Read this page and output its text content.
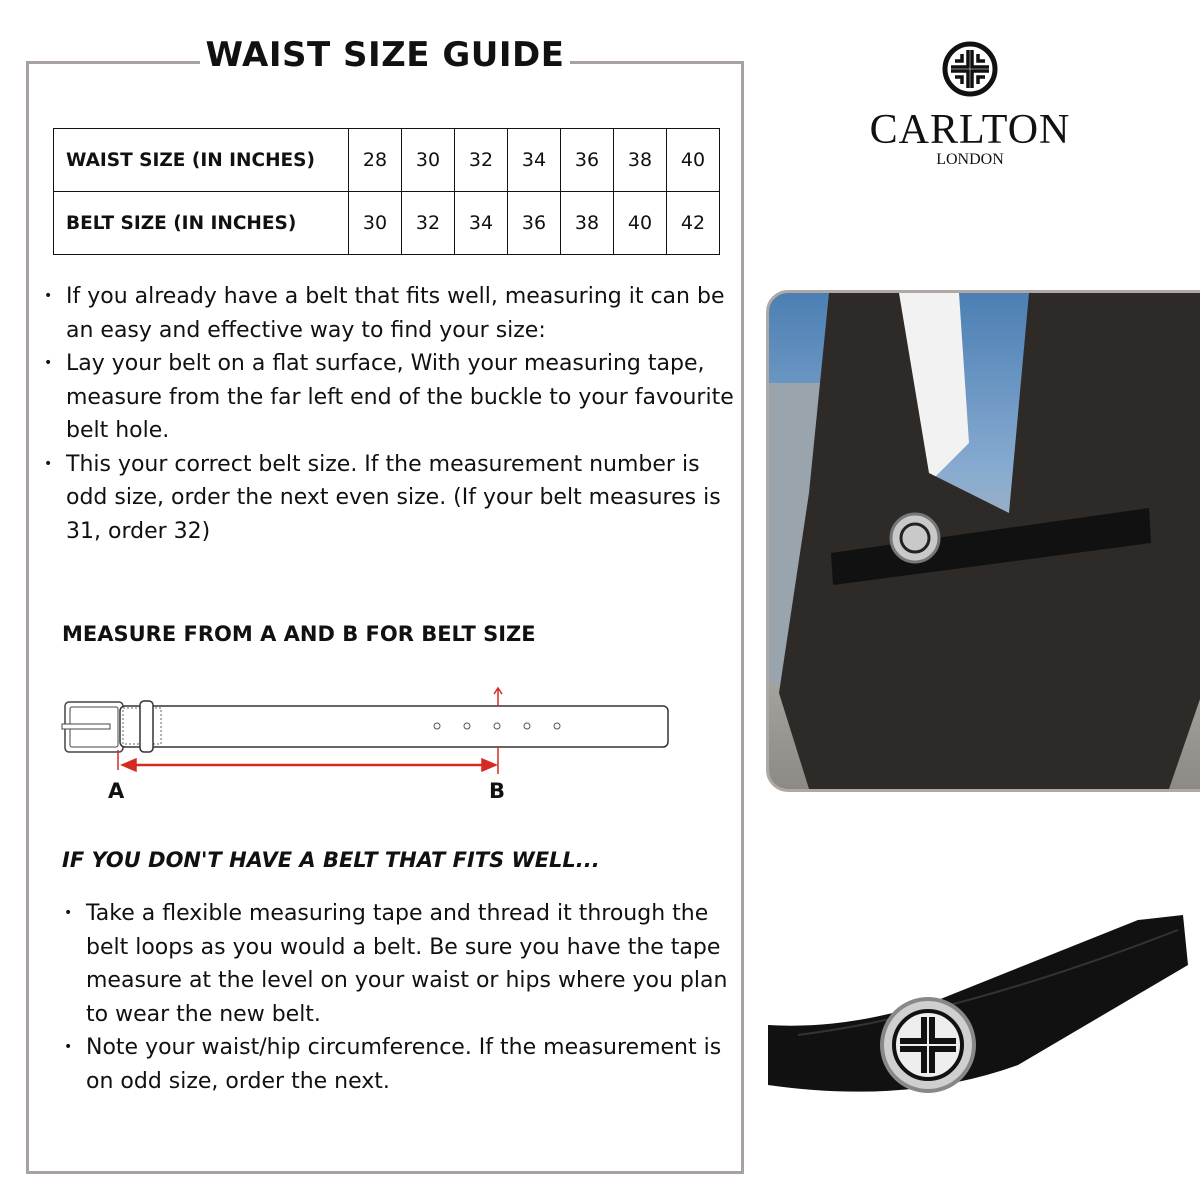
WAIST SIZE GUIDE
WAIST SIZE (IN INCHES)	28	30	32	34	36	38	40
BELT SIZE (IN INCHES)	30	32	34	36	38	40	42
• If you already have a belt that fits well, measuring it can be an easy and effective way to find your size:
• Lay your belt on a flat surface, With your measuring tape, measure from the far left end of the buckle to your favourite belt hole.
• This your correct belt size. If the measurement number is odd size, order the next even size. (If your belt measures is 31, order 32)
MEASURE FROM A AND B FOR BELT SIZE
A	B
IF YOU DON'T HAVE A BELT THAT FITS WELL...
• Take a flexible measuring tape and thread it through the belt loops as you would a belt. Be sure you have the tape measure at the level on your waist or hips where you plan to wear the new belt.
• Note your waist/hip circumference. If the measurement is on odd size, order the next.
CARLTON
LONDON
